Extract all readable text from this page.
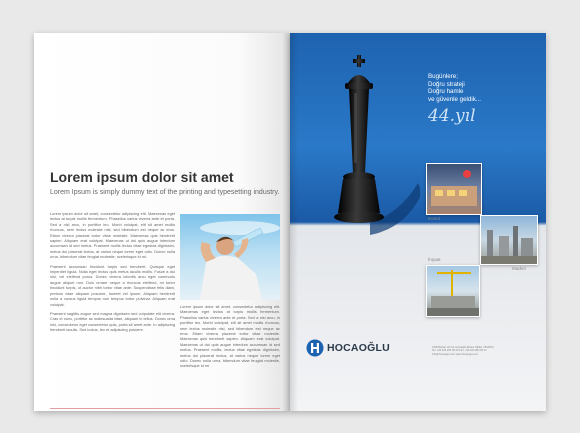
Lorem ipsum dolor sit amet

Lorem Ipsum is simply dummy text of the printing and typesetting industry.

Lorem ipsum dolor sit amet, consectetur adipiscing elit. Maecenas eget lectus at turpis mollis fermentum. Phasellus varius viverra ante et porta. Sed a nisl arcu, in porttitor leo. Morbi volutpat, elit sit amet mollis rhoncus, sem lectus molestie nisl, sed bibendum est neque ac eros. Etiam viverra placerat tortor vitae molestie. Maecenas quis hendrerit sapien. Aliquam erat volutpat. Maecenas ut dui quis augue interdum accumsan id sed metus. Praesent mollis lectus vitae egestas dignissim, metus dui placerat lectus, at varius neque lorem eget odio. Donec nulla urna, bibendum vitae feugiat molestie, scelerisque id mi.

Praesent accumsan tincidunt turpis sed hendrerit. Quisque eget imperdiet ligula. Nulla eget lectus quis metus iaculis mollis. Fusce a dui nisl, vel eleifend purus. Donec viverra lobortis arcu eget commodo augue aliquet non. Duis ornare neque a rhoncus eleifend, mi tortor tincidunt turpis, ut auctor nibh tortor vitae ante. Suspendisse felis diam, pretium vitae aliquam posuere, laoreet vel ipsum. Aliquam hendrerit nulla a cursus ligula tempus non tempus tortor pulvinar. Aliquam erat volutpat.

Praesent sagittis augue sed magna dignissim sed vulputate elit viverra. Cras et nunc, porttitor ac malesuada vitae, aliquam in tellus. Donec urna nisl, consectetur eget consectetur quis, porta sit amet ante. In adipiscing hendrerit iaculis. Sed luctus, leo et adipiscing posuere.

Lorem ipsum dolor sit amet, consectetur adipiscing elit. Maecenas eget lectus at turpis mollis fermentum. Phasellus varius viverra ante et porta. Sed a nisl arcu, in porttitor leo. Morbi volutpat, elit sit amet mollis rhoncus, sem lectus molestie nisl, sed bibendum est neque ac eros. Etiam viverra placerat tortor vitae molestie. Maecenas quis hendrerit sapien. Aliquam erat volutpat. Maecenas ut dui quis augue interdum accumsan id sed metus. Praesent mollis, lectus vitae egestas dignissim, metus dui placerat lectus, at varius neque lorem eget odio. Donec nulla urna, bibendum vitae feugiat molestie, scelerisque id mi.

Bugünlere;
Doğru strateji
Doğru hamle
ve güvenle geldik...
44.yıl
Konut
Maden
İnşaat
HOCAOĞLU	OSB Bulvarı 22.Cd. Hocaoğlu Binası Nilüfer / BURSA
Tel: +90 224 284 00 00 Fax: +90 224 284 00 01
info@hocaoglu.com www.hocaoglu.com
